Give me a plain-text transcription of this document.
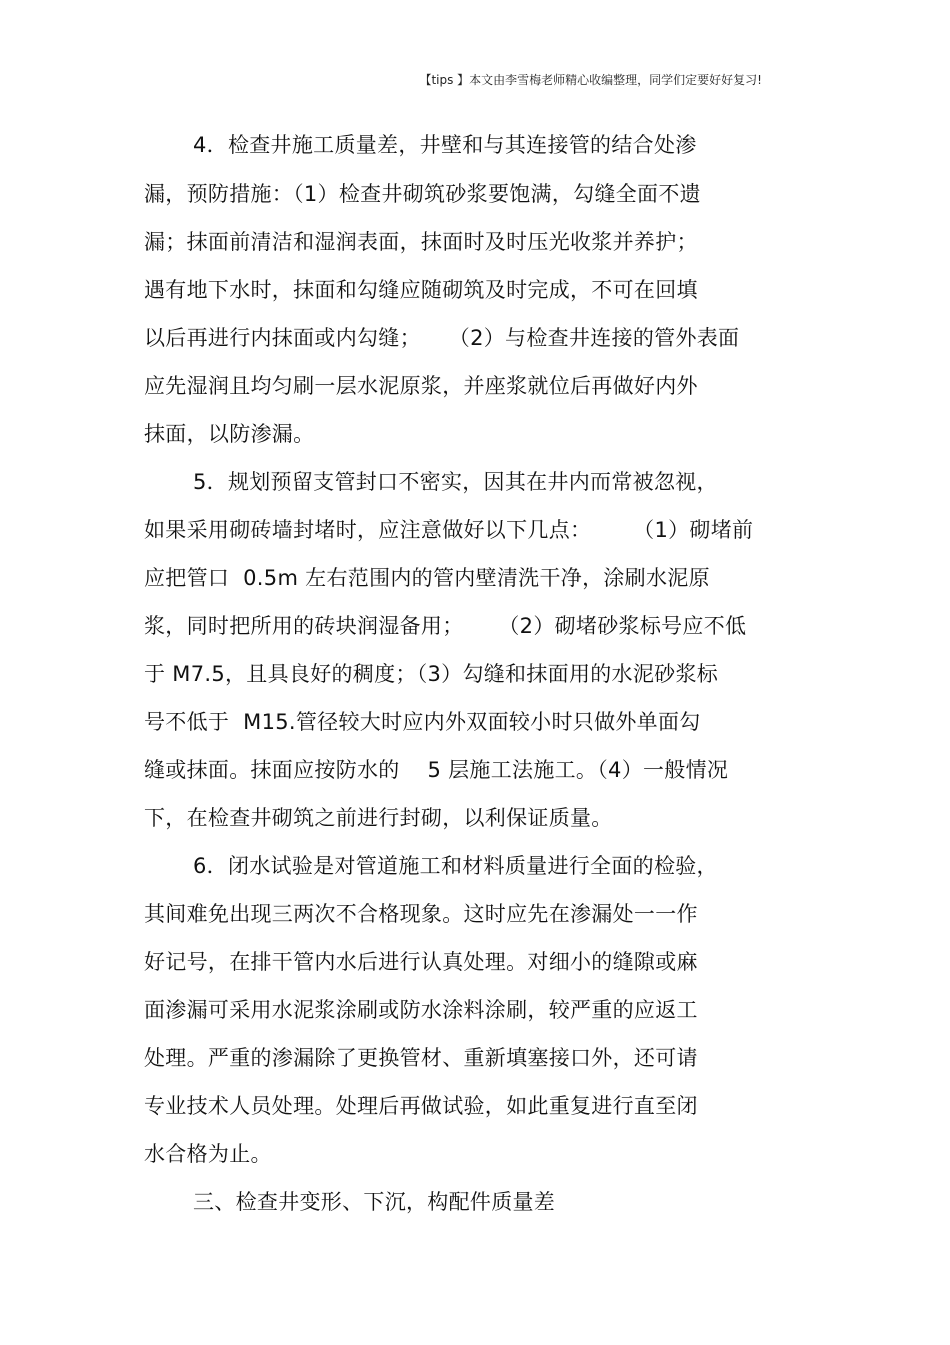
【tips 】本文由李雪梅老师精心收编整理，同学们定要好好复习!
4．检查井施工质量差，井壁和与其连接管的结合处渗
漏，预防措施：（1）检查井砌筑砂浆要饱满，勾缝全面不遗
漏；抹面前清洁和湿润表面，抹面时及时压光收浆并养护；
遇有地下水时，抹面和勾缝应随砌筑及时完成，不可在回填
以后再进行内抹面或内勾缝；    （2）与检查井连接的管外表面
应先湿润且均匀刷一层水泥原浆，并座浆就位后再做好内外
抹面，以防渗漏。
5．规划预留支管封口不密实，因其在井内而常被忽视，
如果采用砌砖墙封堵时，应注意做好以下几点：      （1）砌堵前
应把管口  0.5m 左右范围内的管内壁清洗干净，涂刷水泥原
浆，同时把所用的砖块润湿备用；     （2）砌堵砂浆标号应不低
于 M7.5，且具良好的稠度；（3）勾缝和抹面用的水泥砂浆标
号不低于  M15.管径较大时应内外双面较小时只做外单面勾
缝或抹面。抹面应按防水的    5 层施工法施工。（4）一般情况
下，在检查井砌筑之前进行封砌，以利保证质量。
6．闭水试验是对管道施工和材料质量进行全面的检验，
其间难免出现三两次不合格现象。这时应先在渗漏处一一作
好记号，在排干管内水后进行认真处理。对细小的缝隙或麻
面渗漏可采用水泥浆涂刷或防水涂料涂刷，较严重的应返工
处理。严重的渗漏除了更换管材、重新填塞接口外，还可请
专业技术人员处理。处理后再做试验，如此重复进行直至闭
水合格为止。
三、检查井变形、下沉，构配件质量差
